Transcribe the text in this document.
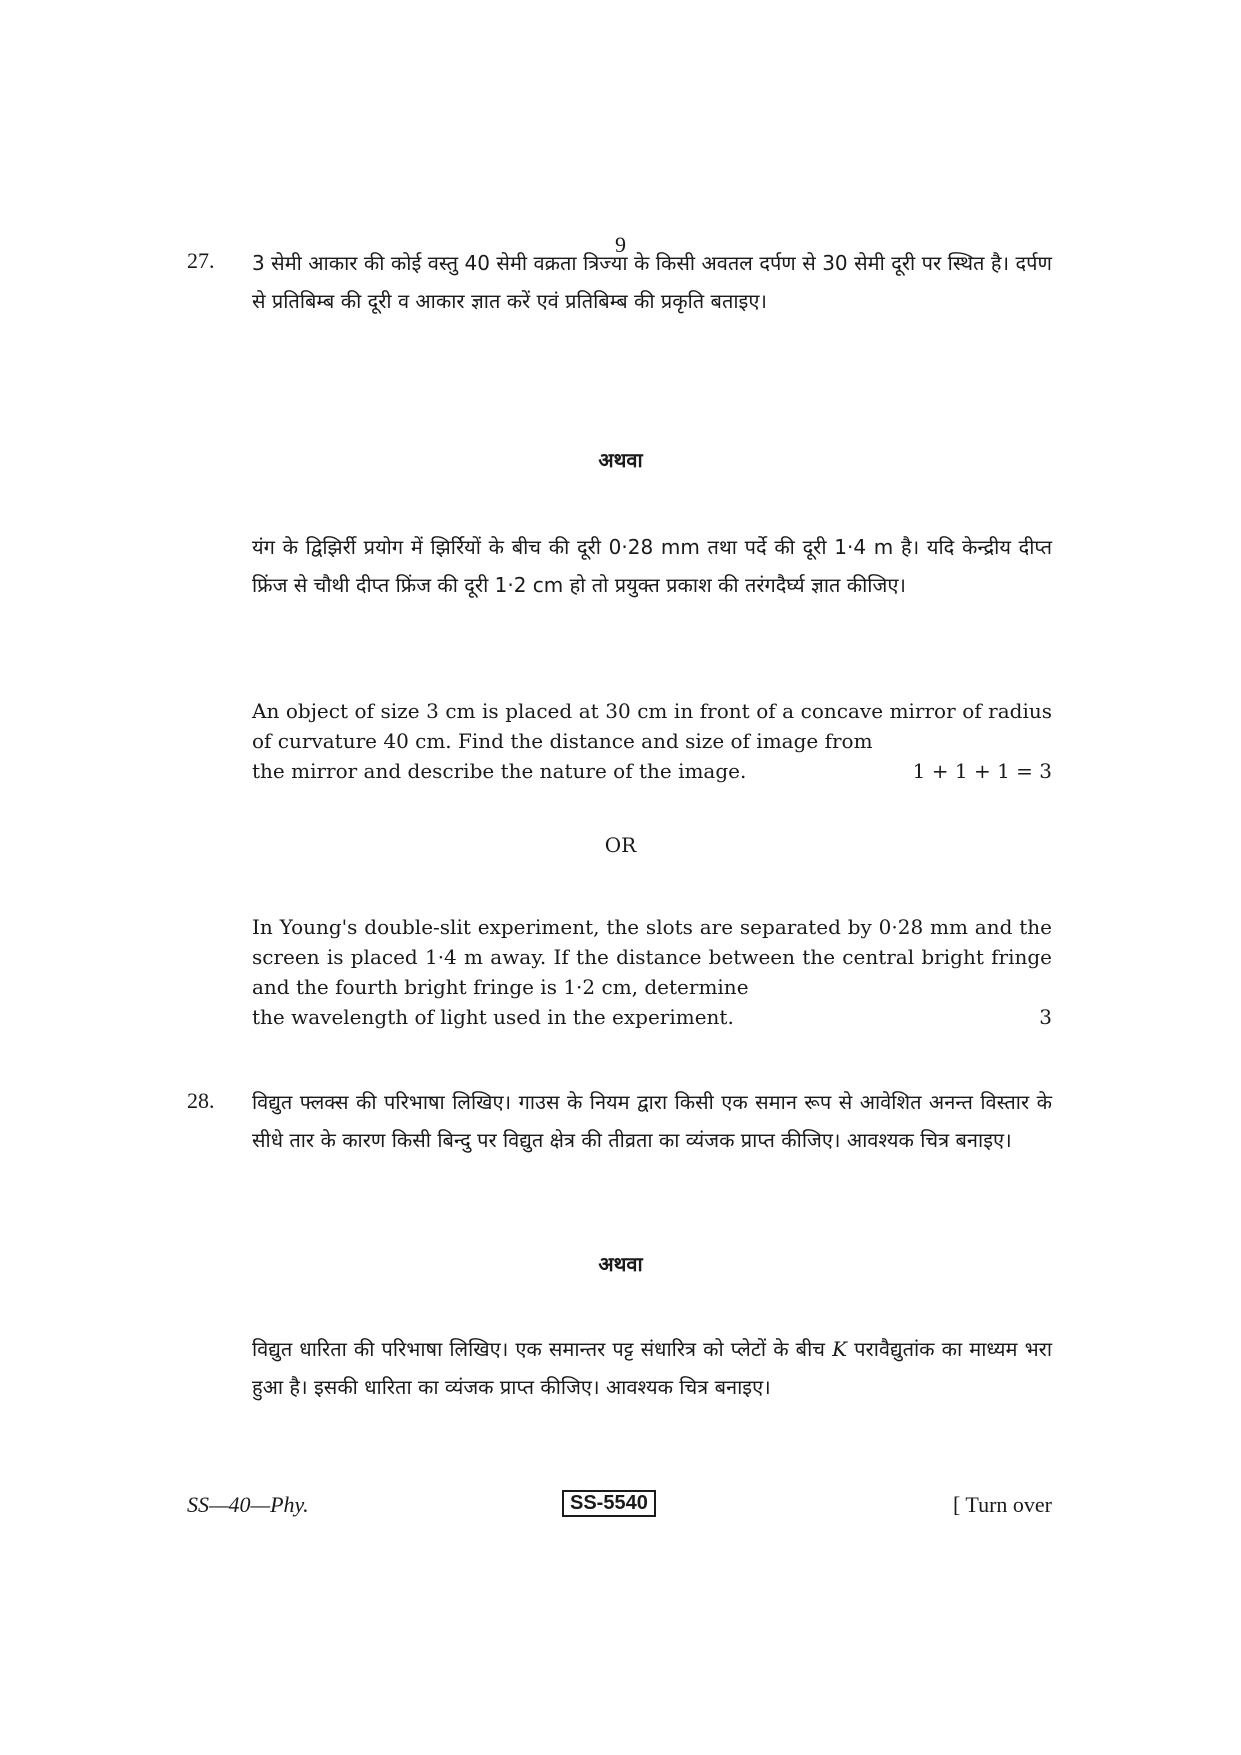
9
27. 3 सेमी आकार की कोई वस्तु 40 सेमी वक्रता त्रिज्या के किसी अवतल दर्पण से 30 सेमी दूरी पर स्थित है। दर्पण से प्रतिबिम्ब की दूरी व आकार ज्ञात करें एवं प्रतिबिम्ब की प्रकृति बताइए।
अथवा
यंग के द्विझिर्री प्रयोग में झिर्रियों के बीच की दूरी 0·28 mm तथा पर्दे की दूरी 1·4 m है। यदि केन्द्रीय दीप्त फ्रिंज से चौथी दीप्त फ्रिंज की दूरी 1·2 cm हो तो प्रयुक्त प्रकाश की तरंगदैर्घ्य ज्ञात कीजिए।
An object of size 3 cm is placed at 30 cm in front of a concave mirror of radius of curvature 40 cm. Find the distance and size of image from
the mirror and describe the nature of the image.	1 + 1 + 1 = 3
OR
In Young's double-slit experiment, the slots are separated by 0·28 mm and the screen is placed 1·4 m away. If the distance between the central bright fringe and the fourth bright fringe is 1·2 cm, determine
the wavelength of light used in the experiment.	3
28. विद्युत फ्लक्स की परिभाषा लिखिए। गाउस के नियम द्वारा किसी एक समान रूप से आवेशित अनन्त विस्तार के सीधे तार के कारण किसी बिन्दु पर विद्युत क्षेत्र की तीव्रता का व्यंजक प्राप्त कीजिए। आवश्यक चित्र बनाइए।
अथवा
विद्युत धारिता की परिभाषा लिखिए। एक समान्तर पट्ट संधारित्र को प्लेटों के बीच K परावैद्युतांक का माध्यम भरा हुआ है। इसकी धारिता का व्यंजक प्राप्त कीजिए। आवश्यक चित्र बनाइए।
SS—40—Phy.	SS-5540	[ Turn over
